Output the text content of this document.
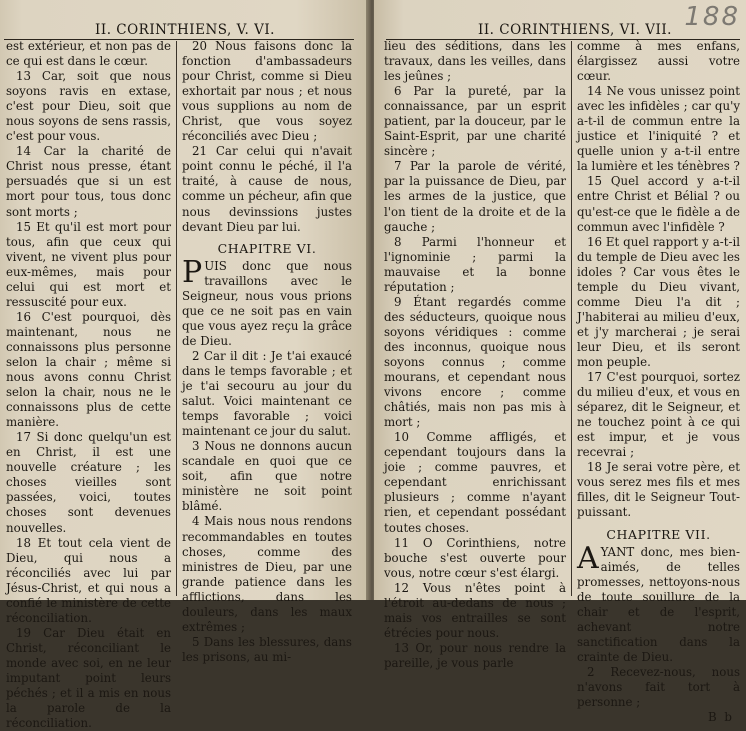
II. CORINTHIENS, V. VI.

est extérieur, et non pas de ce qui est dans le cœur.

13 Car, soit que nous soyons ravis en extase, c'est pour Dieu, soit que nous soyons de sens rassis, c'est pour vous.

14 Car la charité de Christ nous presse, étant persuadés que si un est mort pour tous, tous donc sont morts ;

15 Et qu'il est mort pour tous, afin que ceux qui vivent, ne vivent plus pour eux-mêmes, mais pour celui qui est mort et ressuscité pour eux.

16 C'est pourquoi, dès maintenant, nous ne connaissons plus personne selon la chair ; même si nous avons connu Christ selon la chair, nous ne le connaissons plus de cette manière.

17 Si donc quelqu'un est en Christ, il est une nouvelle créature ; les choses vieilles sont passées, voici, toutes choses sont devenues nouvelles.

18 Et tout cela vient de Dieu, qui nous a réconciliés avec lui par Jésus-Christ, et qui nous a confié le ministère de cette réconciliation.

19 Car Dieu était en Christ, réconciliant le monde avec soi, en ne leur imputant point leurs péchés ; et il a mis en nous la parole de la réconciliation.

20 Nous faisons donc la fonction d'ambassadeurs pour Christ, comme si Dieu exhortait par nous ; et nous vous supplions au nom de Christ, que vous soyez réconciliés avec Dieu ;

21 Car celui qui n'avait point connu le péché, il l'a traité, à cause de nous, comme un pécheur, afin que nous devinssions justes devant Dieu par lui.

CHAPITRE VI.

PUIS donc que nous travaillons avec le Seigneur, nous vous prions que ce ne soit pas en vain que vous ayez reçu la grâce de Dieu.

2 Car il dit : Je t'ai exaucé dans le temps favorable ; et je t'ai secouru au jour du salut. Voici maintenant ce temps favorable ; voici maintenant ce jour du salut.

3 Nous ne donnons aucun scandale en quoi que ce soit, afin que notre ministère ne soit point blâmé.

4 Mais nous nous rendons recommandables en toutes choses, comme des ministres de Dieu, par une grande patience dans les afflictions, dans les douleurs, dans les maux extrêmes ;

5 Dans les blessures, dans les prisons, au mi-

II. CORINTHIENS, VI. VII. 188

lieu des séditions, dans les travaux, dans les veilles, dans les jeûnes ;

6 Par la pureté, par la connaissance, par un esprit patient, par la douceur, par le Saint-Esprit, par une charité sincère ;

7 Par la parole de vérité, par la puissance de Dieu, par les armes de la justice, que l'on tient de la droite et de la gauche ;

8 Parmi l'honneur et l'ignominie ; parmi la mauvaise et la bonne réputation ;

9 Étant regardés comme des séducteurs, quoique nous soyons véridiques : comme des inconnus, quoique nous soyons connus ; comme mourans, et cependant nous vivons encore ; comme châtiés, mais non pas mis à mort ;

10 Comme affligés, et cependant toujours dans la joie ; comme pauvres, et cependant enrichissant plusieurs ; comme n'ayant rien, et cependant possédant toutes choses.

11 O Corinthiens, notre bouche s'est ouverte pour vous, notre cœur s'est élargi.

12 Vous n'êtes point à l'étroit au-dedans de nous ; mais vos entrailles se sont étrécies pour nous.

13 Or, pour nous rendre la pareille, je vous parle

comme à mes enfans, élargissez aussi votre cœur.

14 Ne vous unissez point avec les infidèles ; car qu'y a-t-il de commun entre la justice et l'iniquité ? et quelle union y a-t-il entre la lumière et les ténèbres ?

15 Quel accord y a-t-il entre Christ et Bélial ? ou qu'est-ce que le fidèle a de commun avec l'infidèle ?

16 Et quel rapport y a-t-il du temple de Dieu avec les idoles ? Car vous êtes le temple du Dieu vivant, comme Dieu l'a dit ; J'habiterai au milieu d'eux, et j'y marcherai ; je serai leur Dieu, et ils seront mon peuple.

17 C'est pourquoi, sortez du milieu d'eux, et vous en séparez, dit le Seigneur, et ne touchez point à ce qui est impur, et je vous recevrai ;

18 Je serai votre père, et vous serez mes fils et mes filles, dit le Seigneur Tout-puissant.

CHAPITRE VII.

AYANT donc, mes bien-aimés, de telles promesses, nettoyons-nous de toute souillure de la chair et de l'esprit, achevant notre sanctification dans la crainte de Dieu.

2 Recevez-nous, nous n'avons fait tort à personne ;

B b
